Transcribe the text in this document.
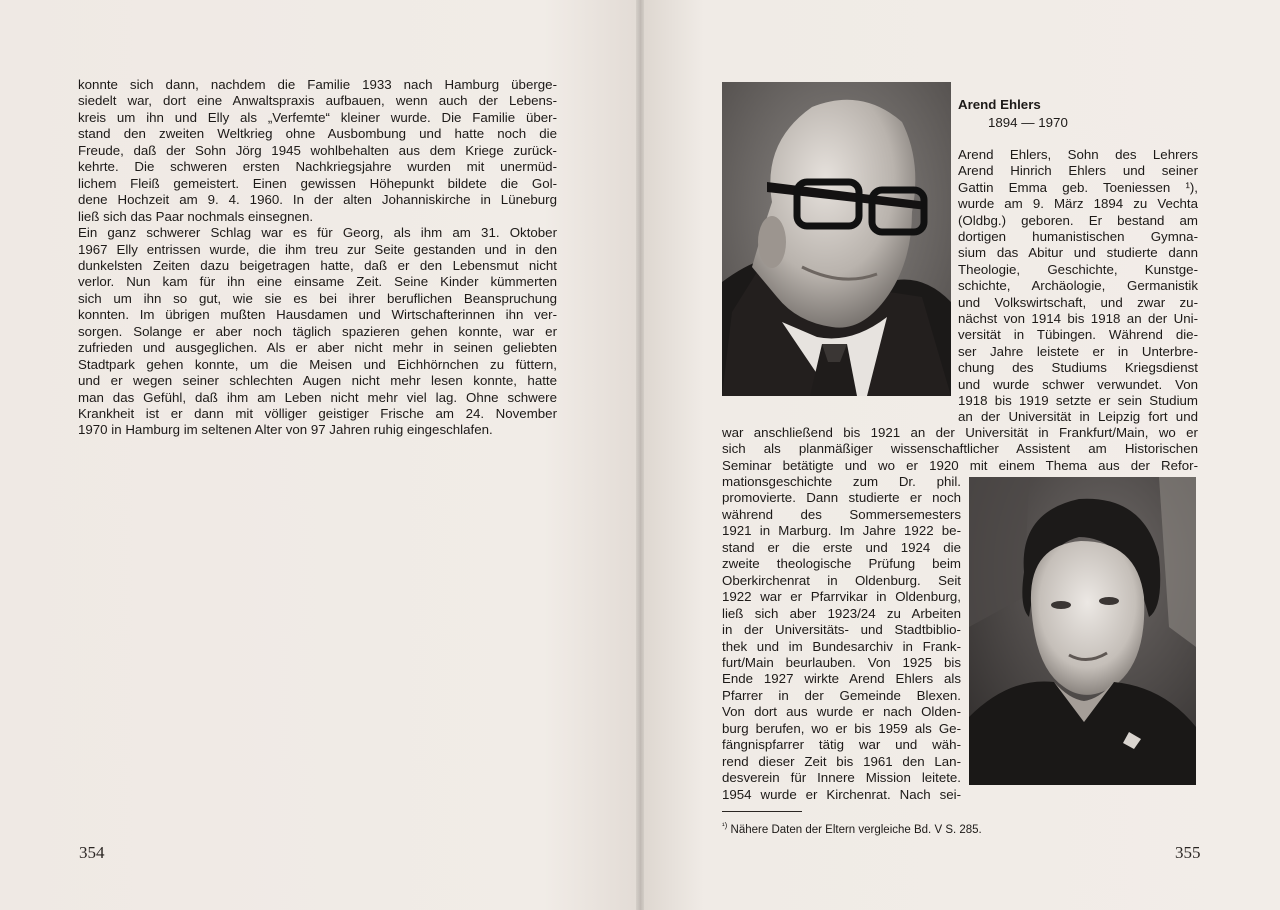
konnte sich dann, nachdem die Familie 1933 nach Hamburg überge-
siedelt war, dort eine Anwaltspraxis aufbauen, wenn auch der Lebens-
kreis um ihn und Elly als „Verfemte“ kleiner wurde. Die Familie über-
stand den zweiten Weltkrieg ohne Ausbombung und hatte noch die
Freude, daß der Sohn Jörg 1945 wohlbehalten aus dem Kriege zurück-
kehrte. Die schweren ersten Nachkriegsjahre wurden mit unermüd-
lichem Fleiß gemeistert. Einen gewissen Höhepunkt bildete die Gol-
dene Hochzeit am 9. 4. 1960. In der alten Johanniskirche in Lüneburg
ließ sich das Paar nochmals einsegnen.
Ein ganz schwerer Schlag war es für Georg, als ihm am 31. Oktober
1967 Elly entrissen wurde, die ihm treu zur Seite gestanden und in den
dunkelsten Zeiten dazu beigetragen hatte, daß er den Lebensmut nicht
verlor. Nun kam für ihn eine einsame Zeit. Seine Kinder kümmerten
sich um ihn so gut, wie sie es bei ihrer beruflichen Beanspruchung
konnten. Im übrigen mußten Hausdamen und Wirtschafterinnen ihn ver-
sorgen. Solange er aber noch täglich spazieren gehen konnte, war er
zufrieden und ausgeglichen. Als er aber nicht mehr in seinen geliebten
Stadtpark gehen konnte, um die Meisen und Eichhörnchen zu füttern,
und er wegen seiner schlechten Augen nicht mehr lesen konnte, hatte
man das Gefühl, daß ihm am Leben nicht mehr viel lag. Ohne schwere
Krankheit ist er dann mit völliger geistiger Frische am 24. November
1970 in Hamburg im seltenen Alter von 97 Jahren ruhig eingeschlafen.
354
Arend Ehlers
1894 — 1970
Arend Ehlers, Sohn des Lehrers
Arend Hinrich Ehlers und seiner
Gattin Emma geb. Toeniessen ¹),
wurde am 9. März 1894 zu Vechta
(Oldbg.) geboren. Er bestand am
dortigen humanistischen Gymna-
sium das Abitur und studierte dann
Theologie, Geschichte, Kunstge-
schichte, Archäologie, Germanistik
und Volkswirtschaft, und zwar zu-
nächst von 1914 bis 1918 an der Uni-
versität in Tübingen. Während die-
ser Jahre leistete er in Unterbre-
chung des Studiums Kriegsdienst
und wurde schwer verwundet. Von
1918 bis 1919 setzte er sein Studium
an der Universität in Leipzig fort und
war anschließend bis 1921 an der Universität in Frankfurt/Main, wo er
sich als planmäßiger wissenschaftlicher Assistent am Historischen
Seminar betätigte und wo er 1920 mit einem Thema aus der Refor-
mationsgeschichte zum Dr. phil.
promovierte. Dann studierte er noch
während des Sommersemesters
1921 in Marburg. Im Jahre 1922 be-
stand er die erste und 1924 die
zweite theologische Prüfung beim
Oberkirchenrat in Oldenburg. Seit
1922 war er Pfarrvikar in Oldenburg,
ließ sich aber 1923/24 zu Arbeiten
in der Universitäts- und Stadtbiblio-
thek und im Bundesarchiv in Frank-
furt/Main beurlauben. Von 1925 bis
Ende 1927 wirkte Arend Ehlers als
Pfarrer in der Gemeinde Blexen.
Von dort aus wurde er nach Olden-
burg berufen, wo er bis 1959 als Ge-
fängnispfarrer tätig war und wäh-
rend dieser Zeit bis 1961 den Lan-
desverein für Innere Mission leitete.
1954 wurde er Kirchenrat. Nach sei-
$^{^1)}$ Nähere Daten der Eltern vergleiche Bd. V S. 285.
355
